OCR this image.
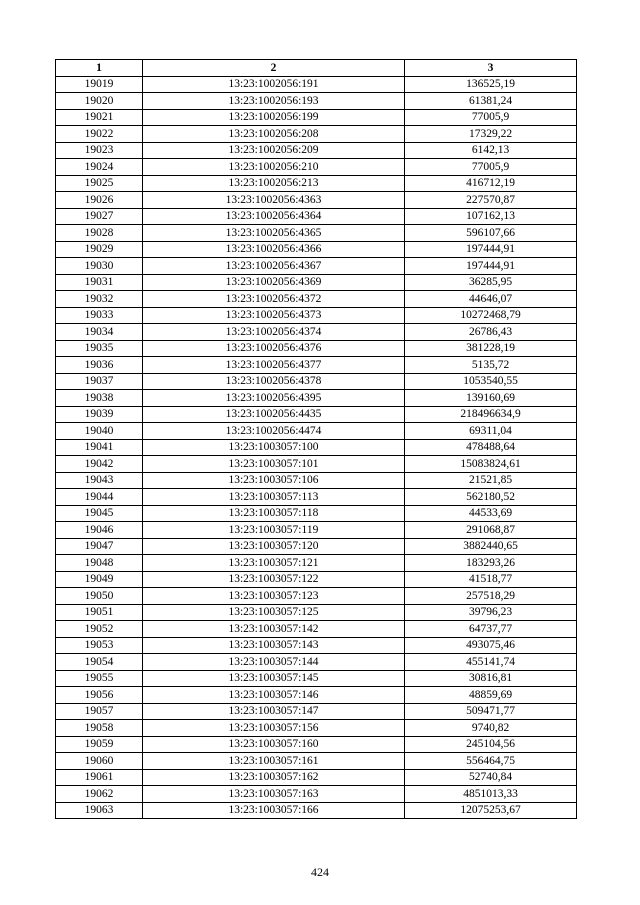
1	2	3
19019	13:23:1002056:191	136525,19
19020	13:23:1002056:193	61381,24
19021	13:23:1002056:199	77005,9
19022	13:23:1002056:208	17329,22
19023	13:23:1002056:209	6142,13
19024	13:23:1002056:210	77005,9
19025	13:23:1002056:213	416712,19
19026	13:23:1002056:4363	227570,87
19027	13:23:1002056:4364	107162,13
19028	13:23:1002056:4365	596107,66
19029	13:23:1002056:4366	197444,91
19030	13:23:1002056:4367	197444,91
19031	13:23:1002056:4369	36285,95
19032	13:23:1002056:4372	44646,07
19033	13:23:1002056:4373	10272468,79
19034	13:23:1002056:4374	26786,43
19035	13:23:1002056:4376	381228,19
19036	13:23:1002056:4377	5135,72
19037	13:23:1002056:4378	1053540,55
19038	13:23:1002056:4395	139160,69
19039	13:23:1002056:4435	218496634,9
19040	13:23:1002056:4474	69311,04
19041	13:23:1003057:100	478488,64
19042	13:23:1003057:101	15083824,61
19043	13:23:1003057:106	21521,85
19044	13:23:1003057:113	562180,52
19045	13:23:1003057:118	44533,69
19046	13:23:1003057:119	291068,87
19047	13:23:1003057:120	3882440,65
19048	13:23:1003057:121	183293,26
19049	13:23:1003057:122	41518,77
19050	13:23:1003057:123	257518,29
19051	13:23:1003057:125	39796,23
19052	13:23:1003057:142	64737,77
19053	13:23:1003057:143	493075,46
19054	13:23:1003057:144	455141,74
19055	13:23:1003057:145	30816,81
19056	13:23:1003057:146	48859,69
19057	13:23:1003057:147	509471,77
19058	13:23:1003057:156	9740,82
19059	13:23:1003057:160	245104,56
19060	13:23:1003057:161	556464,75
19061	13:23:1003057:162	52740,84
19062	13:23:1003057:163	4851013,33
19063	13:23:1003057:166	12075253,67
424
